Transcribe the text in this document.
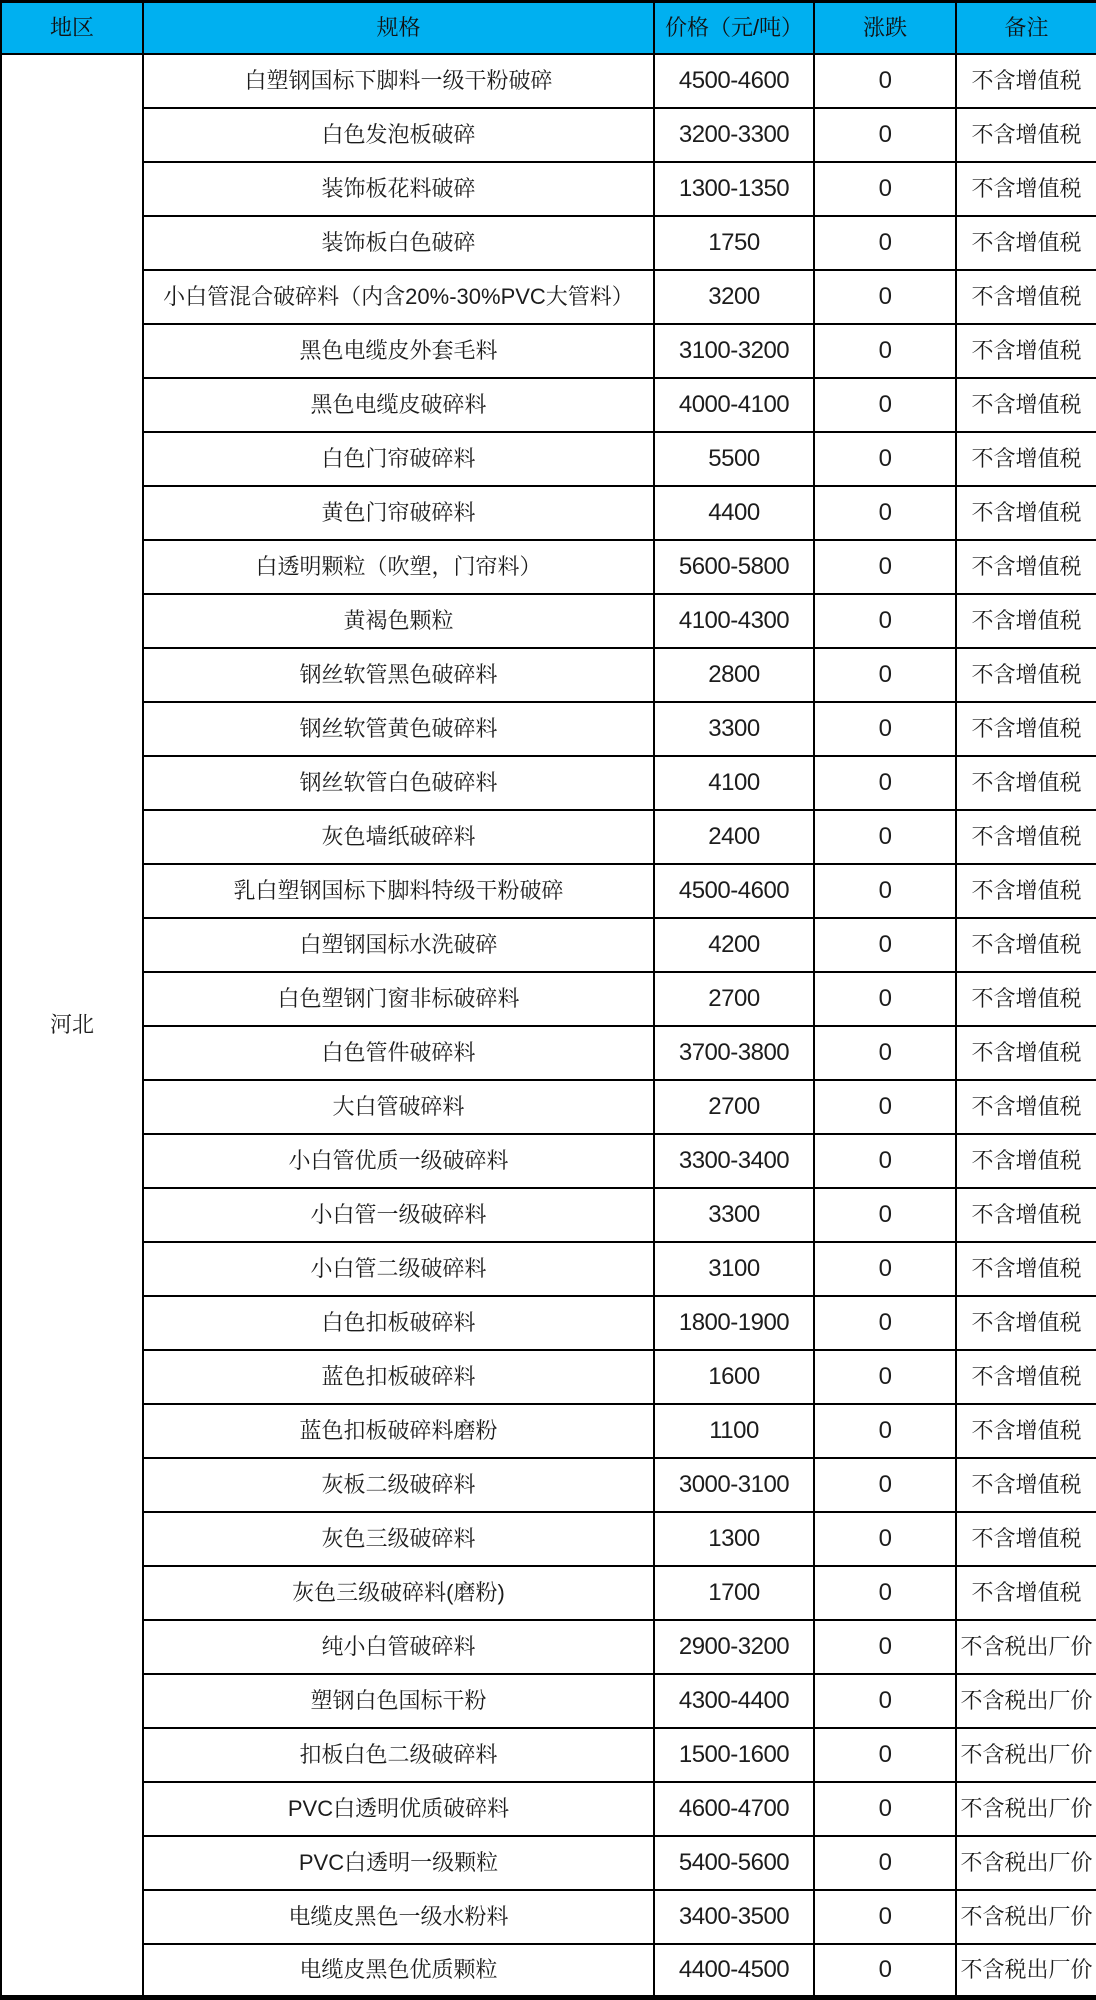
地区	规格	价格（元/吨）	涨跌	备注
河北	白塑钢国标下脚料一级干粉破碎	4500-4600	0	不含增值税
	白色发泡板破碎	3200-3300	0	不含增值税
	装饰板花料破碎	1300-1350	0	不含增值税
	装饰板白色破碎	1750	0	不含增值税
	小白管混合破碎料（内含20%-30%PVC大管料）	3200	0	不含增值税
	黑色电缆皮外套毛料	3100-3200	0	不含增值税
	黑色电缆皮破碎料	4000-4100	0	不含增值税
	白色门帘破碎料	5500	0	不含增值税
	黄色门帘破碎料	4400	0	不含增值税
	白透明颗粒（吹塑，门帘料）	5600-5800	0	不含增值税
	黄褐色颗粒	4100-4300	0	不含增值税
	钢丝软管黑色破碎料	2800	0	不含增值税
	钢丝软管黄色破碎料	3300	0	不含增值税
	钢丝软管白色破碎料	4100	0	不含增值税
	灰色墙纸破碎料	2400	0	不含增值税
	乳白塑钢国标下脚料特级干粉破碎	4500-4600	0	不含增值税
	白塑钢国标水洗破碎	4200	0	不含增值税
	白色塑钢门窗非标破碎料	2700	0	不含增值税
	白色管件破碎料	3700-3800	0	不含增值税
	大白管破碎料	2700	0	不含增值税
	小白管优质一级破碎料	3300-3400	0	不含增值税
	小白管一级破碎料	3300	0	不含增值税
	小白管二级破碎料	3100	0	不含增值税
	白色扣板破碎料	1800-1900	0	不含增值税
	蓝色扣板破碎料	1600	0	不含增值税
	蓝色扣板破碎料磨粉	1100	0	不含增值税
	灰板二级破碎料	3000-3100	0	不含增值税
	灰色三级破碎料	1300	0	不含增值税
	灰色三级破碎料(磨粉)	1700	0	不含增值税
	纯小白管破碎料	2900-3200	0	不含税出厂价
	塑钢白色国标干粉	4300-4400	0	不含税出厂价
	扣板白色二级破碎料	1500-1600	0	不含税出厂价
	PVC白透明优质破碎料	4600-4700	0	不含税出厂价
	PVC白透明一级颗粒	5400-5600	0	不含税出厂价
	电缆皮黑色一级水粉料	3400-3500	0	不含税出厂价
	电缆皮黑色优质颗粒	4400-4500	0	不含税出厂价
